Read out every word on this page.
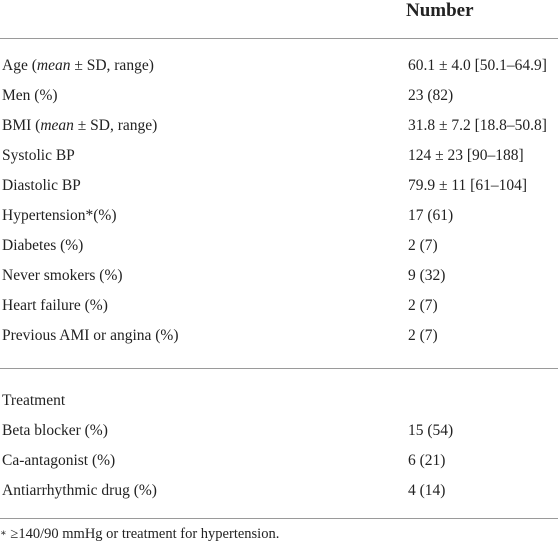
Number
Age (mean ± SD, range)	60.1 ± 4.0 [50.1–64.9]
Men (%)	23 (82)
BMI (mean ± SD, range)	31.8 ± 7.2 [18.8–50.8]
Systolic BP	124 ± 23 [90–188]
Diastolic BP	79.9 ± 11 [61–104]
Hypertension*(%)	17 (61)
Diabetes (%)	2 (7)
Never smokers (%)	9 (32)
Heart failure (%)	2 (7)
Previous AMI or angina (%)	2 (7)
Treatment
Beta blocker (%)	15 (54)
Ca-antagonist (%)	6 (21)
Antiarrhythmic drug (%)	4 (14)
∗ ≥140/90 mmHg or treatment for hypertension.
